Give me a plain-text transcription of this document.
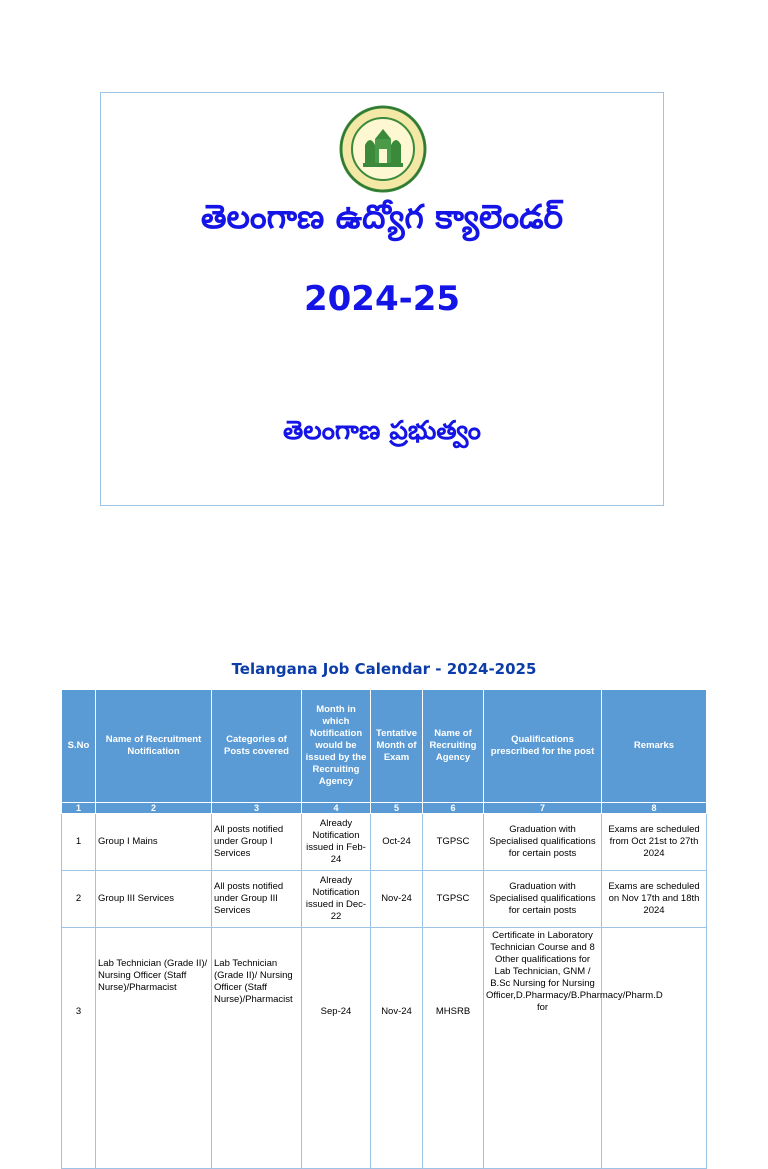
తెలంగాణ ఉద్యోగ క్యాలెండర్
2024-25
తెలంగాణ ప్రభుత్వం
Telangana Job Calendar - 2024-2025
S.No	Name of Recruitment Notification	Categories of Posts covered	Month in which Notification would be issued by the Recruiting Agency	Tentative Month of Exam	Name of Recruiting Agency	Qualifications prescribed for the post	Remarks
1	2	3	4	5	6	7	8
1	Group I Mains	All posts notified under Group I Services	Already Notification issued in Feb-24	Oct-24	TGPSC	Graduation with Specialised qualifications for certain posts	Exams are scheduled from Oct 21st to 27th 2024
2	Group III Services	All posts notified under Group III Services	Already Notification issued in Dec-22	Nov-24	TGPSC	Graduation with Specialised qualifications for certain posts	Exams are scheduled on Nov 17th and 18th 2024
3	Lab Technician (Grade II)/ Nursing Officer (Staff Nurse)/Pharmacist	Lab Technician (Grade II)/ Nursing Officer (Staff Nurse)/Pharmacist	Sep-24	Nov-24	MHSRB	Certificate in Laboratory Technician Course and 8 Other qualifications for Lab Technician, GNM / B.Sc Nursing for Nursing Officer,D.Pharmacy/B.Pharmacy/Pharm.D for	
